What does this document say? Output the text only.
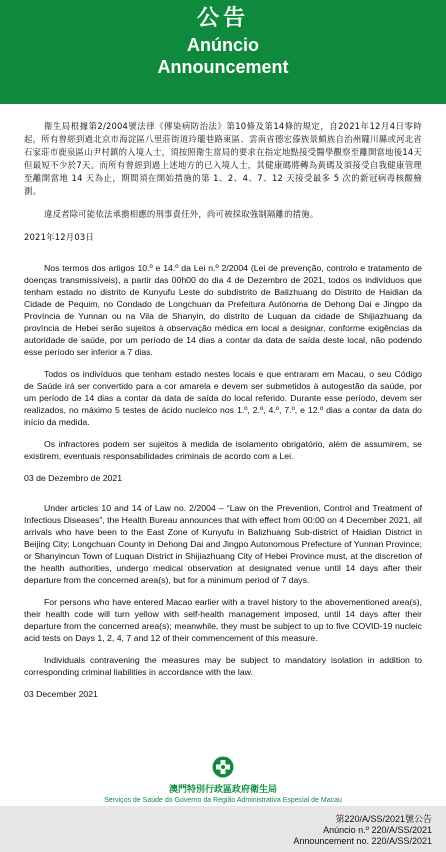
公告
Anúncio
Announcement

衛生局根據第2/2004號法律《傳染病防治法》第10條及第14條的規定，自2021年12月4日零時起，所有曾經到過北京市海淀區八里莊街道玲瓏巷路東區、雲南省德宏傣族景頗族自治州隴川縣或河北省石家莊市鹿泉區山尹村鎮的入境人士，須按照衛生當局的要求在指定地點接受醫學觀察至離開當地後14天但最短不少於7天。而所有曾經到過上述地方的已入境人士，其健康碼將轉為黃碼及須接受自我健康管理至離開當地 14 天為止，期間須在開始措施的第 1、2、4、7、12 天接受最多 5 次的新冠病毒核酸檢測。

違反者除可能依法承擔相應的刑事責任外，尚可被採取強制隔離的措施。

2021年12月03日

Nos termos dos artigos 10.º e 14.º da Lei n.º 2/2004 (Lei de prevenção, controlo e tratamento de doenças transmissíveis), a partir das 00h00 do dia 4 de Dezembro de 2021, todos os indivíduos que tenham estado no distrito de Kunyufu Leste do subdistrito de Balizhuang do Distrito de Haidian da Cidade de Pequim, no Condado de Longchuan da Prefeitura Autónoma de Dehong Dai e Jingpo da Província de Yunnan ou na Vila de Shanyin, do distrito de Luquan da cidade de Shijiazhuang da província de Hebei serão sujeitos à observação médica em local a designar, conforme exigências da autoridade de saúde, por um período de 14 dias a contar da data de saída deste local, não podendo esse período ser inferior a 7 dias.

Todos os indivíduos que tenham estado nestes locais e que entraram em Macau, o seu Código de Saúde irá ser convertido para a cor amarela e devem ser submetidos à autogestão da saúde, por um período de 14 dias a contar da data de saída do local referido. Durante esse período, devem ser realizados, no máximo 5 testes de ácido nucleico nos 1.º, 2.º, 4.º, 7.º, e 12.º dias a contar da data do início da medida.

Os infractores podem ser sujeitos à medida de isolamento obrigatório, além de assumirem, se existirem, eventuais responsabilidades criminais de acordo com a Lei.

03 de Dezembro de 2021

Under articles 10 and 14 of Law no. 2/2004 – “Law on the Prevention, Control and Treatment of Infectious Diseases”, the Health Bureau announces that with effect from 00:00 on 4 December 2021, all arrivals who have been to the East Zone of Kunyufu in Balizhuang Sub-district of Haidian District in Beijing City; Longchuan County in Dehong Dai and Jingpo Autonomous Prefecture of Yunnan Province; or Shanyincun Town of Luquan District in Shijiazhuang City of Hebei Province must, at the discretion of the health authorities, undergo medical observation at designated venue until 14 days after their departure from the concerned area(s), but for a minimum period of 7 days.

For persons who have entered Macao earlier with a travel history to the abovementioned area(s), their health code will turn yellow with self-health management imposed, until 14 days after their departure from the concerned area(s); meanwhile, they must be subject to up to five COVID-19 nucleic acid tests on Days 1, 2, 4, 7 and 12 of their commencement of this measure.

Individuals contravening the measures may be subject to mandatory isolation in addition to corresponding criminal liabilities in accordance with the law.

03 December 2021

澳門特別行政區政府衛生局
Serviços de Saúde do Governo da Região Administrativa Especial de Macau
第220/A/SS/2021號公告
Anúncio n.º 220/A/SS/2021
Announcement no. 220/A/SS/2021
